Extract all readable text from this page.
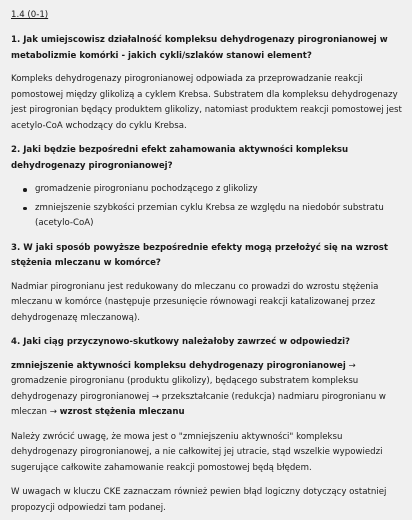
1.4 (0-1)
1. Jak umiejscowisz działalność kompleksu dehydrogenazy pirogronianowej w metabolizmie komórki - jakich cykli/szlaków stanowi element?
Kompleks dehydrogenazy pirogronianowej odpowiada za przeprowadzanie reakcji pomostowej między glikolizą a cyklem Krebsa. Substratem dla kompleksu dehydrogenazy jest pirogronian będący produktem glikolizy, natomiast produktem reakcji pomostowej jest acetylo-CoA wchodzący do cyklu Krebsa.
2. Jaki będzie bezpośredni efekt zahamowania aktywności kompleksu dehydrogenazy pirogronianowej?
gromadzenie pirogronianu pochodzącego z glikolizy
zmniejszenie szybkości przemian cyklu Krebsa ze względu na niedobór substratu (acetylo-CoA)
3. W jaki sposób powyższe bezpośrednie efekty mogą przełożyć się na wzrost stężenia mleczanu w komórce?
Nadmiar pirogronianu jest redukowany do mleczanu co prowadzi do wzrostu stężenia mleczanu w komórce (następuje przesunięcie równowagi reakcji katalizowanej przez dehydrogenazę mleczanową).
4. Jaki ciąg przyczynowo-skutkowy należałoby zawrzeć w odpowiedzi?
zmniejszenie aktywności kompleksu dehydrogenazy pirogronianowej → gromadzenie pirogronianu (produktu glikolizy), będącego substratem kompleksu dehydrogenazy pirogronianowej → przekształcanie (redukcja) nadmiaru pirogronianu w mleczan → wzrost stężenia mleczanu
Należy zwrócić uwagę, że mowa jest o "zmniejszeniu aktywności" kompleksu dehydrogenazy pirogronianowej, a nie całkowitej jej utracie, stąd wszelkie wypowiedzi sugerujące całkowite zahamowanie reakcji pomostowej będą błędem.
W uwagach w kluczu CKE zaznaczam również pewien błąd logiczny dotyczący ostatniej propozycji odpowiedzi tam podanej.
